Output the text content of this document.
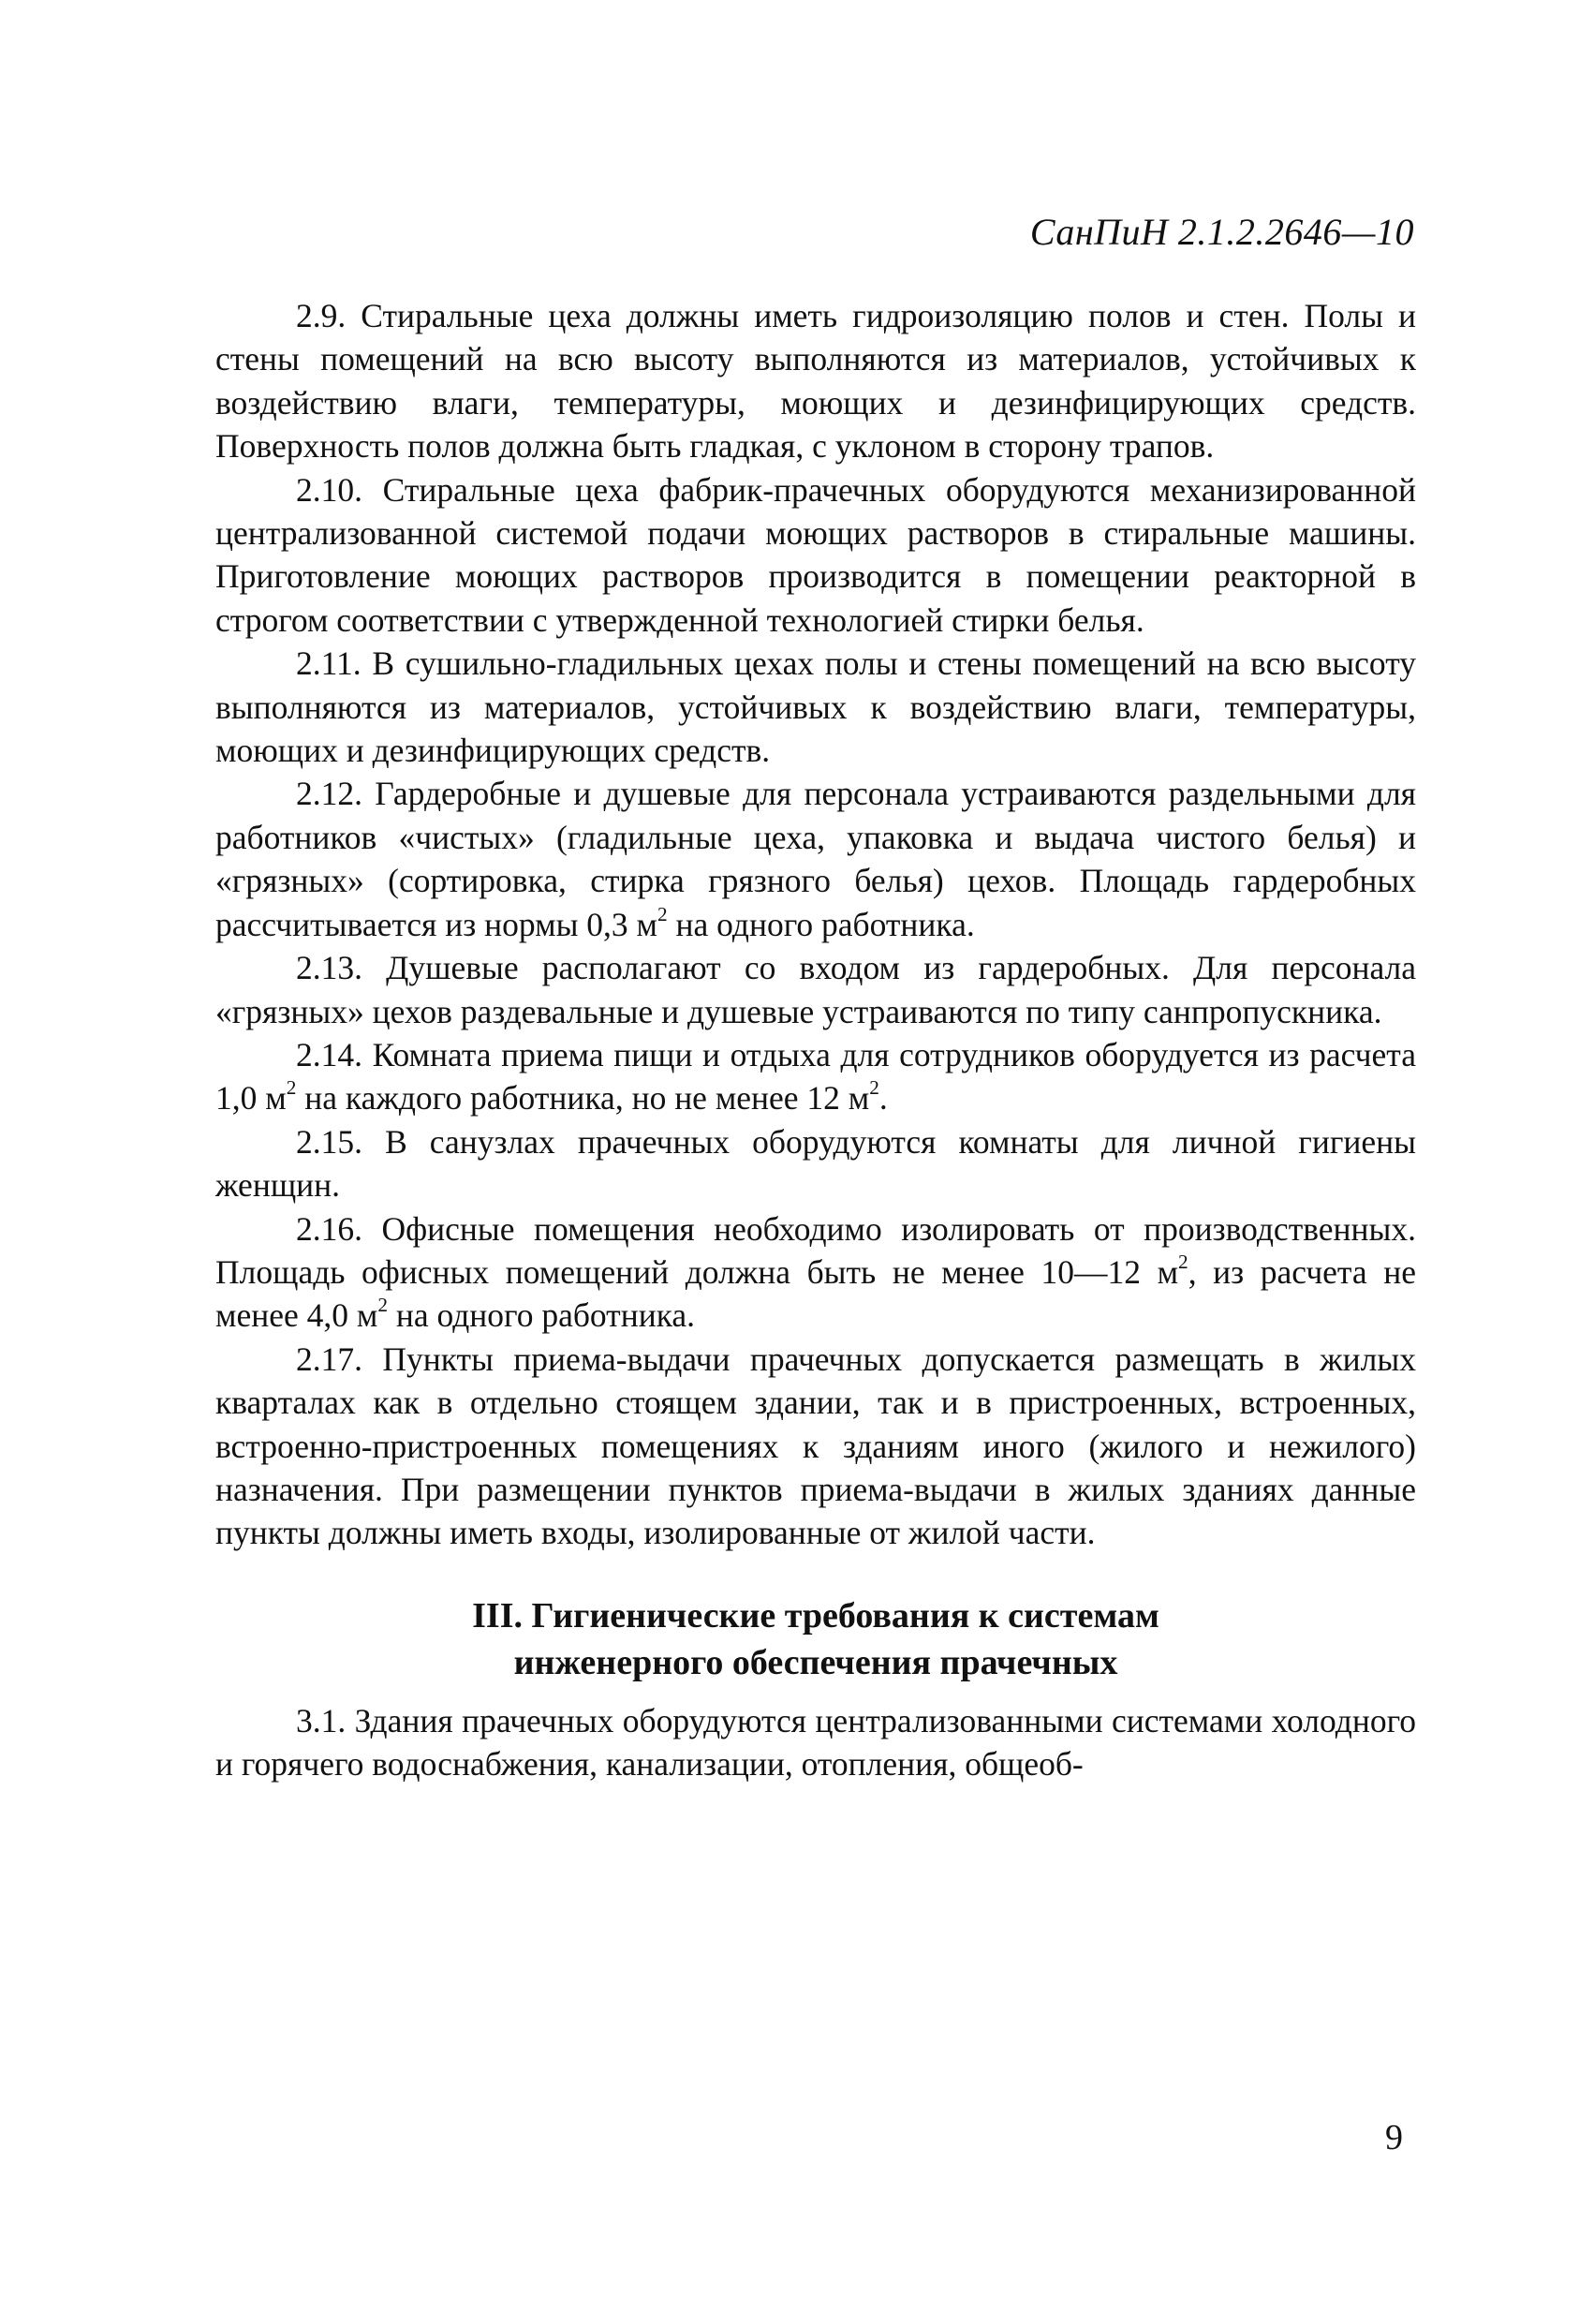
СанПиН 2.1.2.2646—10

2.9. Стиральные цеха должны иметь гидроизоляцию полов и стен. Полы и стены помещений на всю высоту выполняются из материалов, устойчивых к воздействию влаги, температуры, моющих и дезинфицирующих средств. Поверхность полов должна быть гладкая, с уклоном в сторону трапов.

2.10. Стиральные цеха фабрик-прачечных оборудуются механизированной централизованной системой подачи моющих растворов в стиральные машины. Приготовление моющих растворов производится в помещении реакторной в строгом соответствии с утвержденной технологией стирки белья.

2.11. В сушильно-гладильных цехах полы и стены помещений на всю высоту выполняются из материалов, устойчивых к воздействию влаги, температуры, моющих и дезинфицирующих средств.

2.12. Гардеробные и душевые для персонала устраиваются раздельными для работников «чистых» (гладильные цеха, упаковка и выдача чистого белья) и «грязных» (сортировка, стирка грязного белья) цехов. Площадь гардеробных рассчитывается из нормы 0,3 $м^2$ на одного работника.

2.13. Душевые располагают со входом из гардеробных. Для персонала «грязных» цехов раздевальные и душевые устраиваются по типу санпропускника.

2.14. Комната приема пищи и отдыха для сотрудников оборудуется из расчета 1,0 $м^2$ на каждого работника, но не менее 12 $м^2$.

2.15. В санузлах прачечных оборудуются комнаты для личной гигиены женщин.

2.16. Офисные помещения необходимо изолировать от производственных. Площадь офисных помещений должна быть не менее 10—12 $м^2$, из расчета не менее 4,0 $м^2$ на одного работника.

2.17. Пункты приема-выдачи прачечных допускается размещать в жилых кварталах как в отдельно стоящем здании, так и в пристроенных, встроенных, встроенно-пристроенных помещениях к зданиям иного (жилого и нежилого) назначения. При размещении пунктов приема-выдачи в жилых зданиях данные пункты должны иметь входы, изолированные от жилой части.

III. Гигиенические требования к системам
инженерного обеспечения прачечных

3.1. Здания прачечных оборудуются централизованными системами холодного и горячего водоснабжения, канализации, отопления, общеоб-

9
